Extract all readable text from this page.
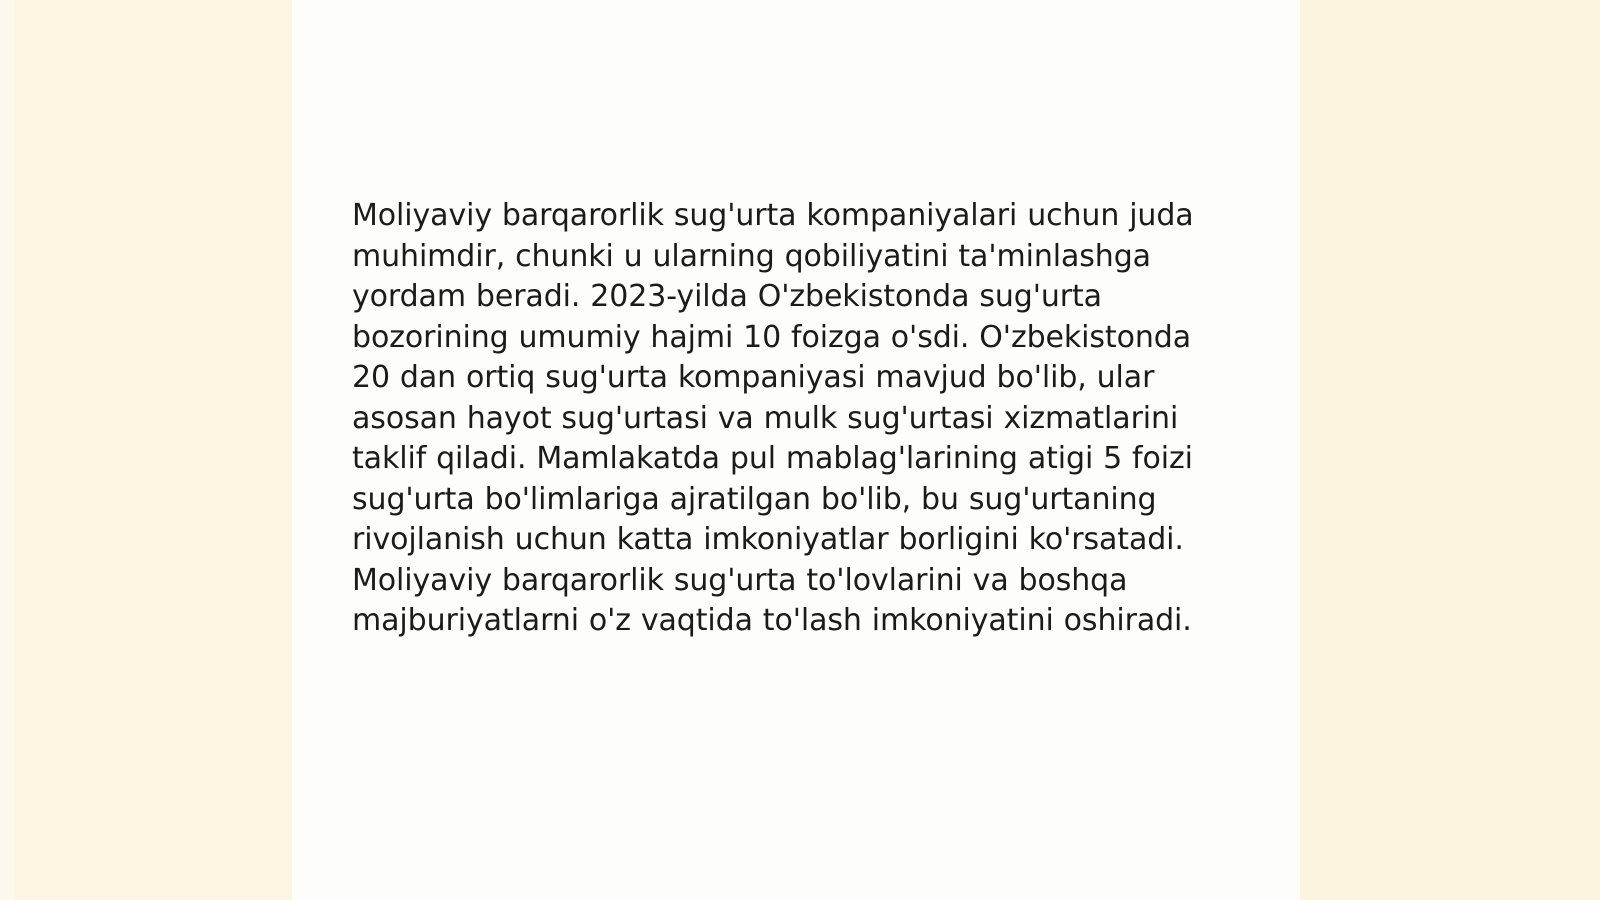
Moliyaviy barqarorlik sug'urta kompaniyalari uchun juda muhimdir, chunki u ularning qobiliyatini ta'minlashga yordam beradi. 2023-yilda O'zbekistonda sug'urta bozorining umumiy hajmi 10 foizga o'sdi. O'zbekistonda 20 dan ortiq sug'urta kompaniyasi mavjud bo'lib, ular asosan hayot sug'urtasi va mulk sug'urtasi xizmatlarini taklif qiladi. Mamlakatda pul mablag'larining atigi 5 foizi sug'urta bo'limlariga ajratilgan bo'lib, bu sug'urtaning rivojlanish uchun katta imkoniyatlar borligini ko'rsatadi. Moliyaviy barqarorlik sug'urta to'lovlarini va boshqa majburiyatlarni o'z vaqtida to'lash imkoniyatini oshiradi.
